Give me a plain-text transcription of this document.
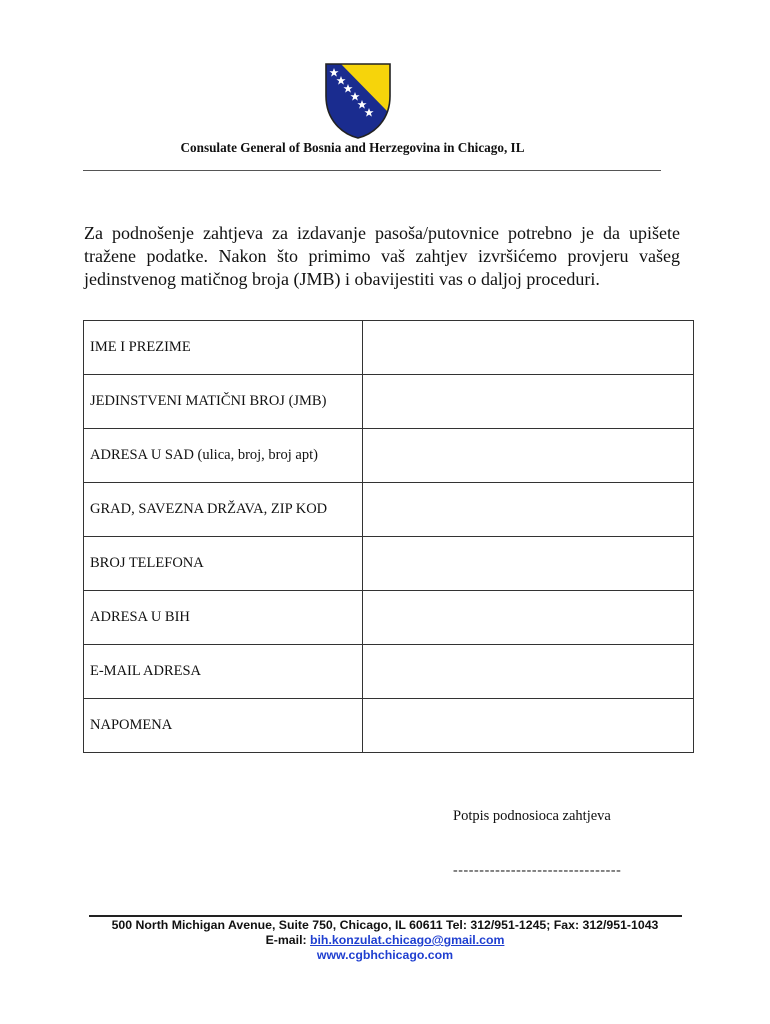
Consulate General of Bosnia and Herzegovina in Chicago, IL

Za podnošenje zahtjeva za izdavanje pasoša/putovnice potrebno je da upišete tražene podatke. Nakon što primimo vaš zahtjev izvršićemo provjeru vašeg jedinstvenog matičnog broja (JMB) i obavijestiti vas o daljoj proceduri.

IME I PREZIME	
JEDINSTVENI MATIČNI BROJ (JMB)	
ADRESA U SAD (ulica, broj, broj apt)	
GRAD, SAVEZNA DRŽAVA, ZIP KOD	
BROJ TELEFONA	
ADRESA U BIH	
E-MAIL ADRESA	
NAPOMENA	
Potpis podnosioca zahtjeva
--------------------------------
500 North Michigan Avenue, Suite 750, Chicago, IL 60611 Tel: 312/951-1245; Fax: 312/951-1043
E-mail: bih.konzulat.chicago@gmail.com
www.cgbhchicago.com
